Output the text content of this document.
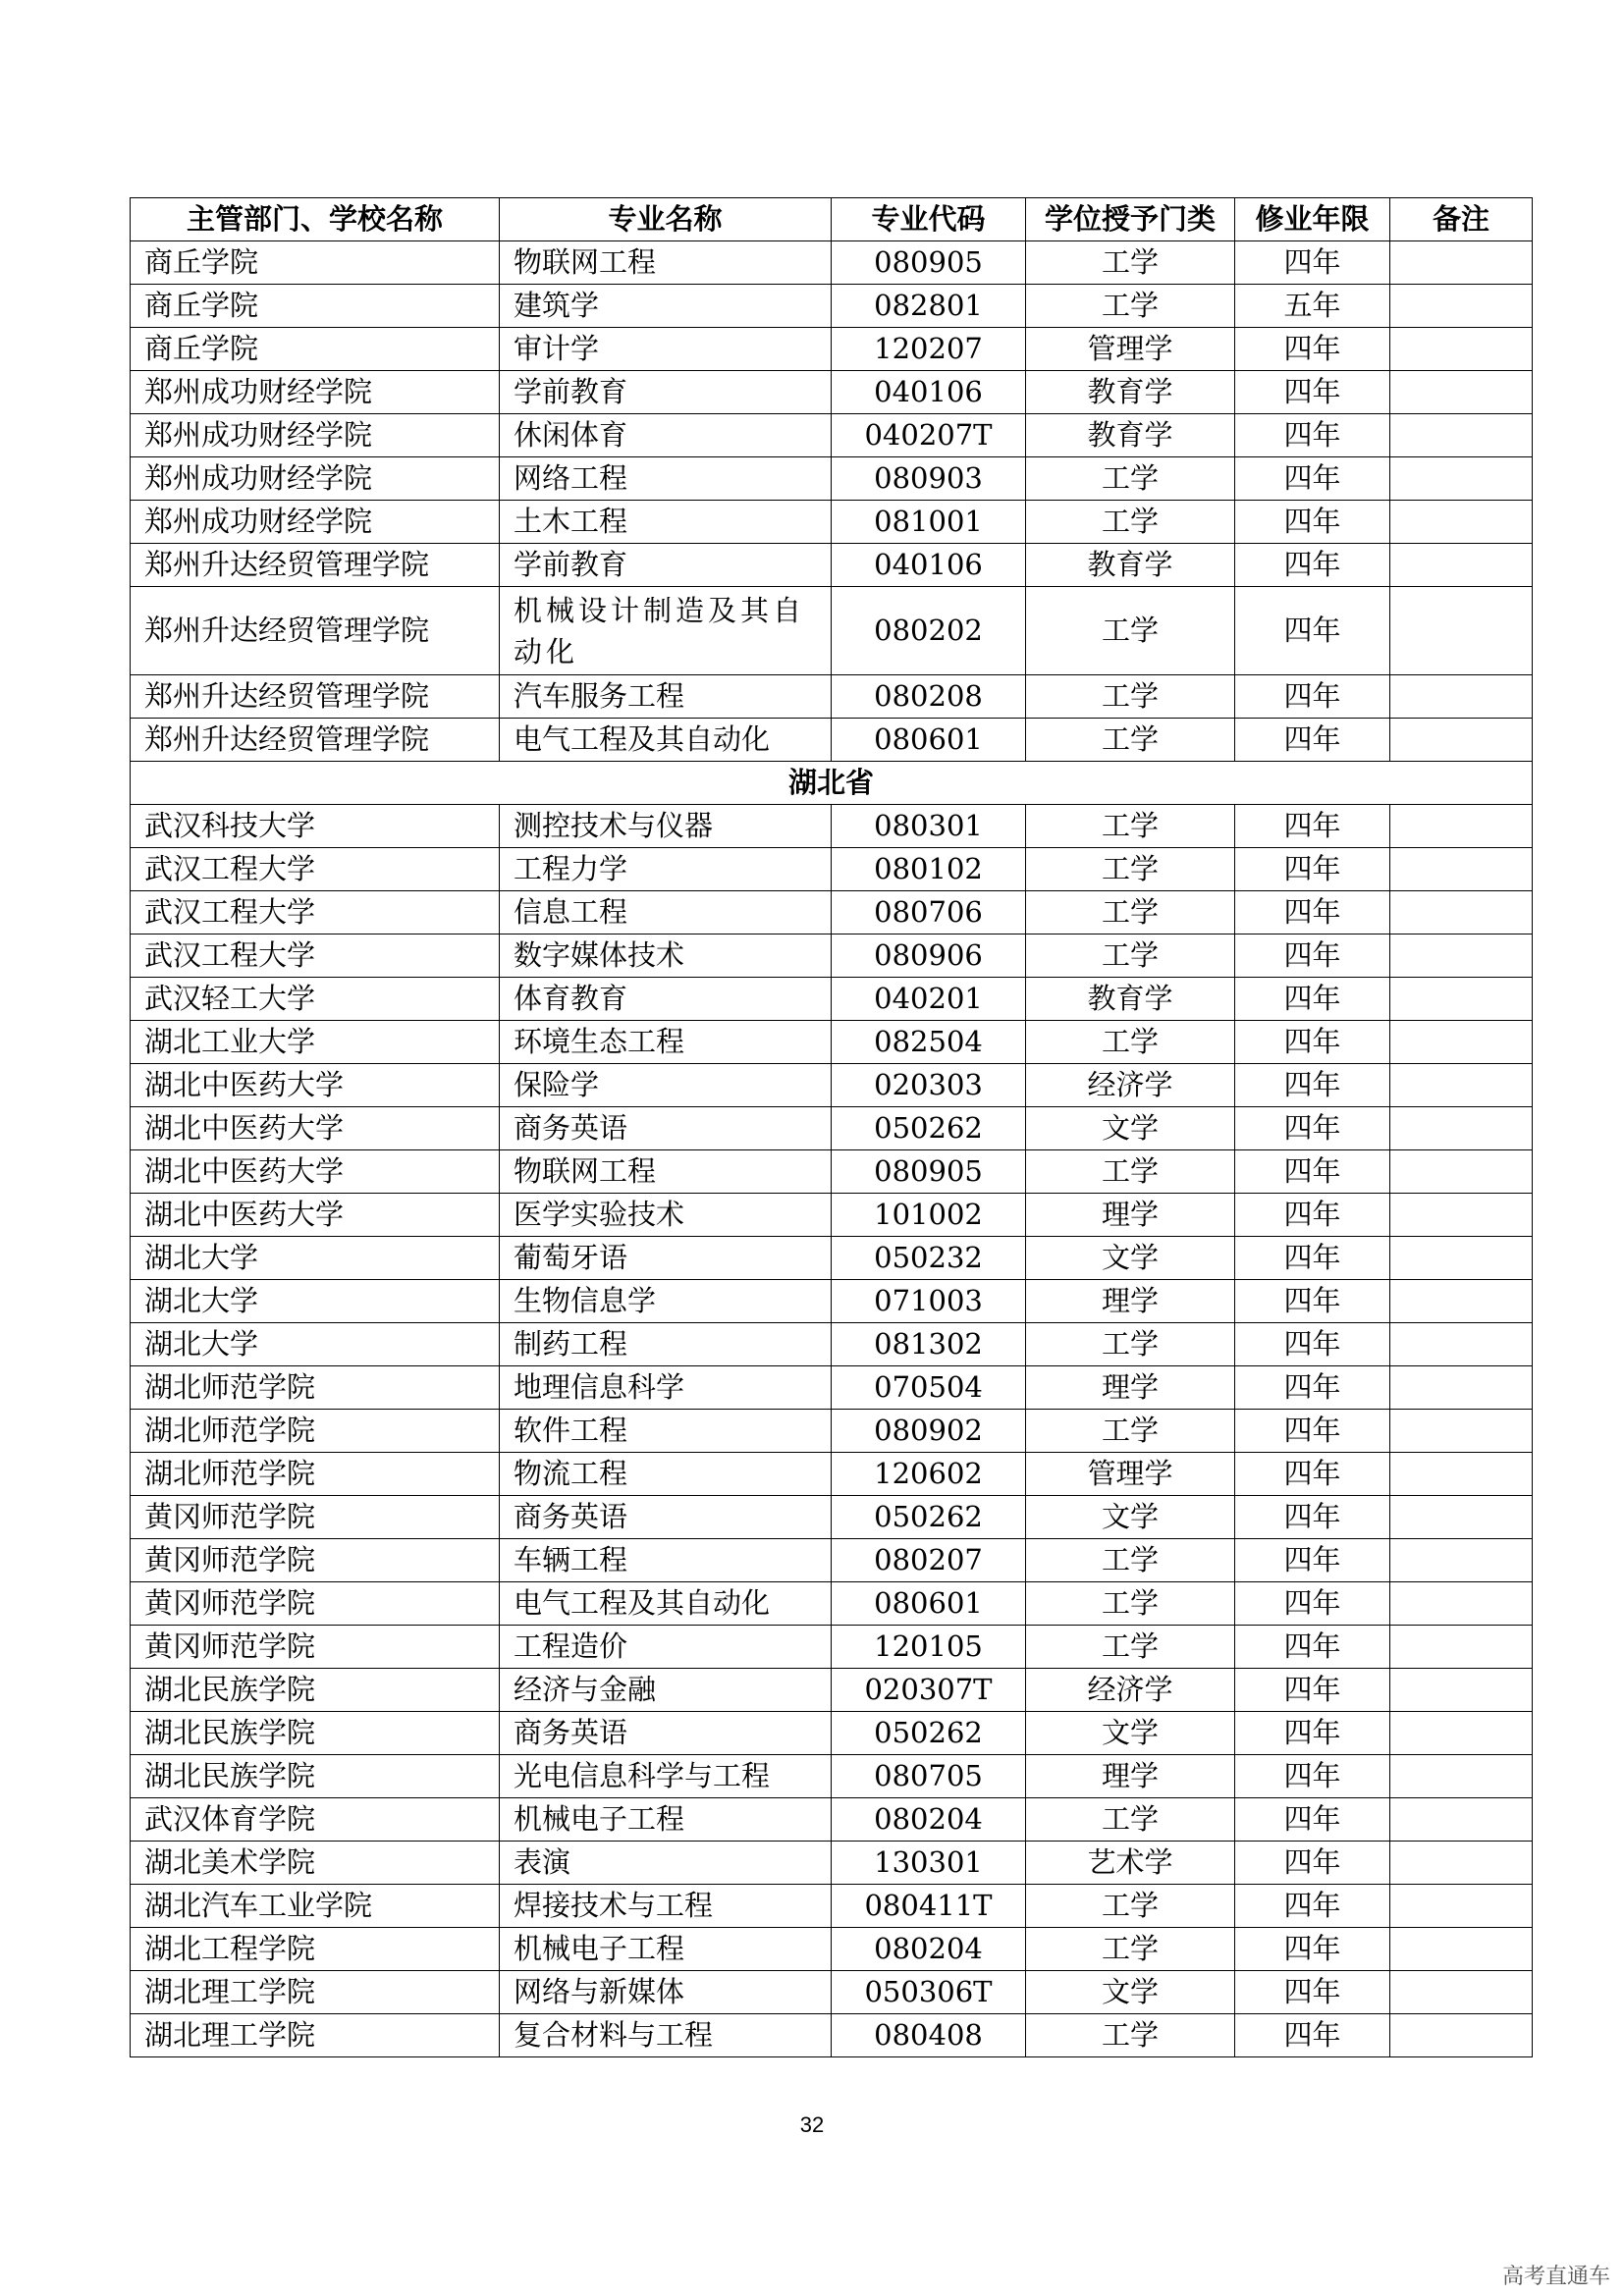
主管部门、学校名称	专业名称	专业代码	学位授予门类	修业年限	备注
商丘学院	物联网工程	080905	工学	四年	
商丘学院	建筑学	082801	工学	五年	
商丘学院	审计学	120207	管理学	四年	
郑州成功财经学院	学前教育	040106	教育学	四年	
郑州成功财经学院	休闲体育	040207T	教育学	四年	
郑州成功财经学院	网络工程	080903	工学	四年	
郑州成功财经学院	土木工程	081001	工学	四年	
郑州升达经贸管理学院	学前教育	040106	教育学	四年	
郑州升达经贸管理学院	机械设计制造及其自动化	080202	工学	四年	
郑州升达经贸管理学院	汽车服务工程	080208	工学	四年	
郑州升达经贸管理学院	电气工程及其自动化	080601	工学	四年	
湖北省					
武汉科技大学	测控技术与仪器	080301	工学	四年	
武汉工程大学	工程力学	080102	工学	四年	
武汉工程大学	信息工程	080706	工学	四年	
武汉工程大学	数字媒体技术	080906	工学	四年	
武汉轻工大学	体育教育	040201	教育学	四年	
湖北工业大学	环境生态工程	082504	工学	四年	
湖北中医药大学	保险学	020303	经济学	四年	
湖北中医药大学	商务英语	050262	文学	四年	
湖北中医药大学	物联网工程	080905	工学	四年	
湖北中医药大学	医学实验技术	101002	理学	四年	
湖北大学	葡萄牙语	050232	文学	四年	
湖北大学	生物信息学	071003	理学	四年	
湖北大学	制药工程	081302	工学	四年	
湖北师范学院	地理信息科学	070504	理学	四年	
湖北师范学院	软件工程	080902	工学	四年	
湖北师范学院	物流工程	120602	管理学	四年	
黄冈师范学院	商务英语	050262	文学	四年	
黄冈师范学院	车辆工程	080207	工学	四年	
黄冈师范学院	电气工程及其自动化	080601	工学	四年	
黄冈师范学院	工程造价	120105	工学	四年	
湖北民族学院	经济与金融	020307T	经济学	四年	
湖北民族学院	商务英语	050262	文学	四年	
湖北民族学院	光电信息科学与工程	080705	理学	四年	
武汉体育学院	机械电子工程	080204	工学	四年	
湖北美术学院	表演	130301	艺术学	四年	
湖北汽车工业学院	焊接技术与工程	080411T	工学	四年	
湖北工程学院	机械电子工程	080204	工学	四年	
湖北理工学院	网络与新媒体	050306T	文学	四年	
湖北理工学院	复合材料与工程	080408	工学	四年	
32
高考直通车
